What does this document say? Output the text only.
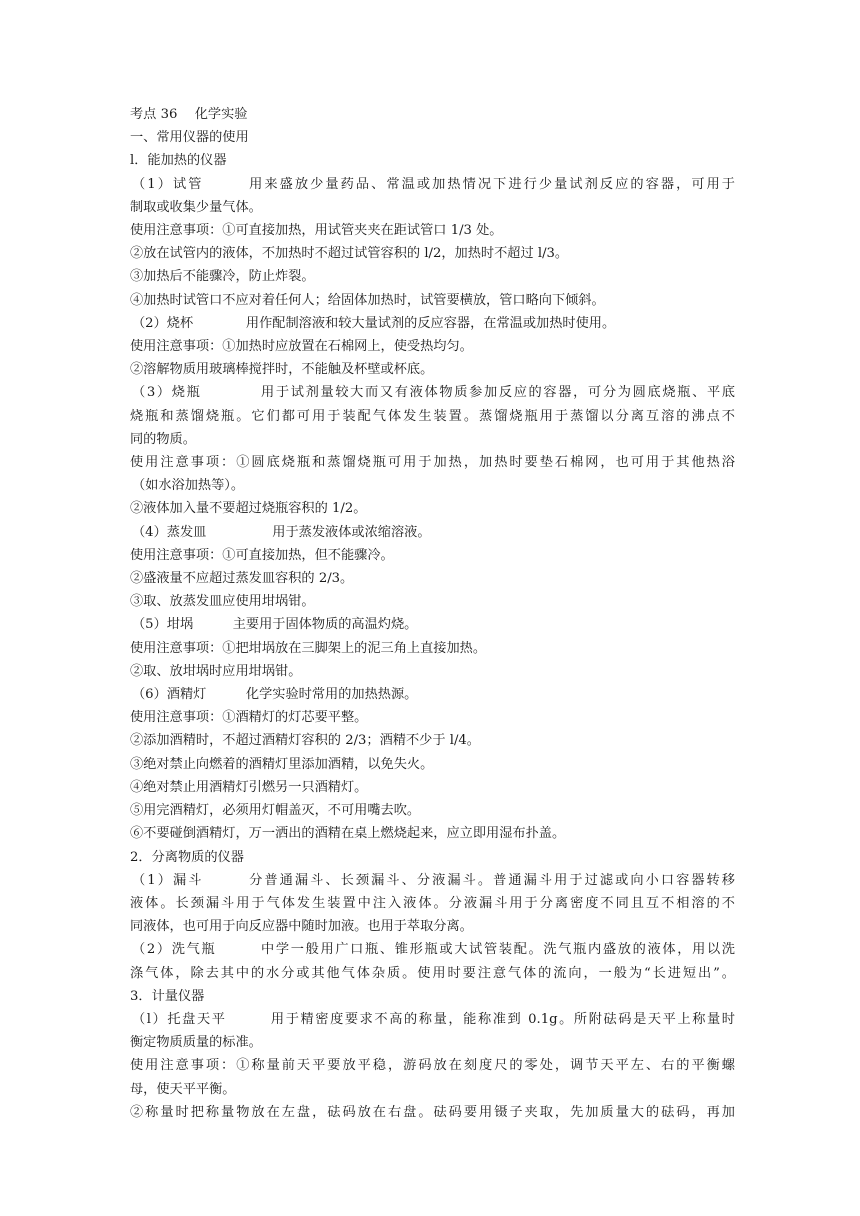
考点 36　 化学实验

一、常用仪器的使用

l．能加热的仪器

（1）试管　　　用来盛放少量药品、常温或加热情况下进行少量试剂反应的容器，可用于

制取或收集少量气体。

使用注意事项：①可直接加热，用试管夹夹在距试管口 1/3 处。

②放在试管内的液体，不加热时不超过试管容积的 l/2，加热时不超过 l/3。

③加热后不能骤冷，防止炸裂。

④加热时试管口不应对着任何人；给固体加热时，试管要横放，管口略向下倾斜。

（2）烧杯　　　　用作配制溶液和较大量试剂的反应容器，在常温或加热时使用。

使用注意事项：①加热时应放置在石棉网上，使受热均匀。

②溶解物质用玻璃棒搅拌时，不能触及杯壁或杯底。

（3）烧瓶　　　　用于试剂量较大而又有液体物质参加反应的容器，可分为圆底烧瓶、平底

烧瓶和蒸馏烧瓶。它们都可用于装配气体发生装置。蒸馏烧瓶用于蒸馏以分离互溶的沸点不

同的物质。

使用注意事项：①圆底烧瓶和蒸馏烧瓶可用于加热，加热时要垫石棉网，也可用于其他热浴

（如水浴加热等）。

②液体加入量不要超过烧瓶容积的 1/2。

（4）蒸发皿　　　　　用于蒸发液体或浓缩溶液。

使用注意事项：①可直接加热，但不能骤冷。

②盛液量不应超过蒸发皿容积的 2/3。

③取、放蒸发皿应使用坩埚钳。

（5）坩埚　　　主要用于固体物质的高温灼烧。

使用注意事项：①把坩埚放在三脚架上的泥三角上直接加热。

②取、放坩埚时应用坩埚钳。

（6）酒精灯　　　化学实验时常用的加热热源。

使用注意事项：①酒精灯的灯芯要平整。

②添加酒精时，不超过酒精灯容积的 2/3；酒精不少于 l/4。

③绝对禁止向燃着的酒精灯里添加酒精，以免失火。

④绝对禁止用酒精灯引燃另一只酒精灯。

⑤用完酒精灯，必须用灯帽盖灭，不可用嘴去吹。

⑥不要碰倒酒精灯，万一洒出的酒精在桌上燃烧起来，应立即用湿布扑盖。

2．分离物质的仪器

（1）漏斗　　　分普通漏斗、长颈漏斗、分液漏斗。普通漏斗用于过滤或向小口容器转移

液体。长颈漏斗用于气体发生装置中注入液体。分液漏斗用于分离密度不同且互不相溶的不

同液体，也可用于向反应器中随时加液。也用于萃取分离。

（2）洗气瓶　　　中学一般用广口瓶、锥形瓶或大试管装配。洗气瓶内盛放的液体，用以洗

涤气体，除去其中的水分或其他气体杂质。使用时要注意气体的流向，一般为“长进短出”。

3．计量仪器

（l）托盘天平　　　用于精密度要求不高的称量，能称准到 0.1g。所附砝码是天平上称量时

衡定物质质量的标准。

使用注意事项：①称量前天平要放平稳，游码放在刻度尺的零处，调节天平左、右的平衡螺

母，使天平平衡。

②称量时把称量物放在左盘，砝码放在右盘。砝码要用镊子夹取，先加质量大的砝码，再加
